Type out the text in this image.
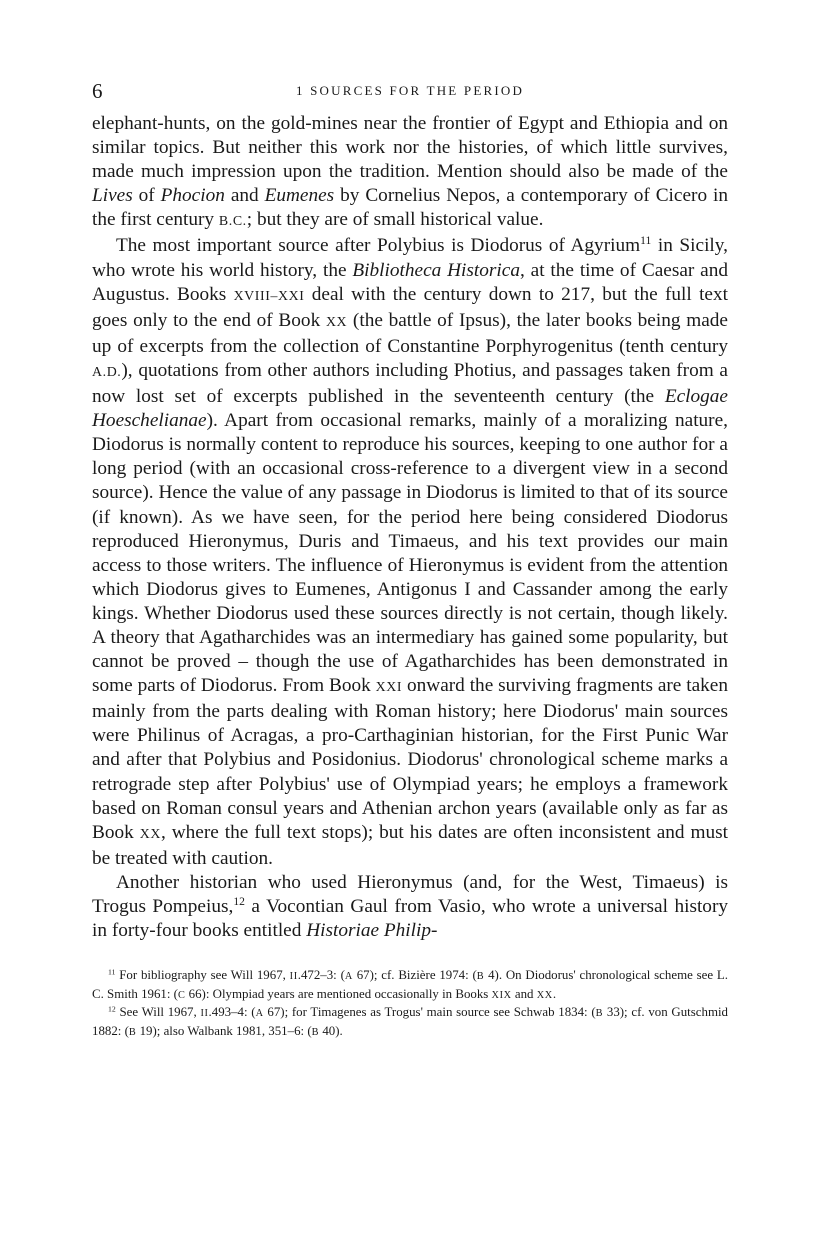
6	1 SOURCES FOR THE PERIOD

elephant-hunts, on the gold-mines near the frontier of Egypt and Ethiopia and on similar topics. But neither this work nor the histories, of which little survives, made much impression upon the tradition. Mention should also be made of the Lives of Phocion and Eumenes by Cornelius Nepos, a contemporary of Cicero in the first century B.C.; but they are of small historical value.

The most important source after Polybius is Diodorus of Agyrium$^{11}$ in Sicily, who wrote his world history, the Bibliotheca Historica, at the time of Caesar and Augustus. Books XVIII–XXI deal with the century down to 217, but the full text goes only to the end of Book XX (the battle of Ipsus), the later books being made up of excerpts from the collection of Constantine Porphyrogenitus (tenth century A.D.), quotations from other authors including Photius, and passages taken from a now lost set of excerpts published in the seventeenth century (the Eclogae Hoeschelianae). Apart from occasional remarks, mainly of a moralizing nature, Diodorus is normally content to reproduce his sources, keeping to one author for a long period (with an occasional cross-reference to a divergent view in a second source). Hence the value of any passage in Diodorus is limited to that of its source (if known). As we have seen, for the period here being considered Diodorus reproduced Hieronymus, Duris and Timaeus, and his text provides our main access to those writers. The influence of Hieronymus is evident from the attention which Diodorus gives to Eumenes, Antigonus I and Cassander among the early kings. Whether Diodorus used these sources directly is not certain, though likely. A theory that Agatharchides was an intermediary has gained some popularity, but cannot be proved – though the use of Agatharchides has been demonstrated in some parts of Diodorus. From Book XXI onward the surviving fragments are taken mainly from the parts dealing with Roman history; here Diodorus' main sources were Philinus of Acragas, a pro-Carthaginian historian, for the First Punic War and after that Polybius and Posidonius. Diodorus' chronological scheme marks a retrograde step after Polybius' use of Olympiad years; he employs a framework based on Roman consul years and Athenian archon years (available only as far as Book XX, where the full text stops); but his dates are often inconsistent and must be treated with caution.

Another historian who used Hieronymus (and, for the West, Timaeus) is Trogus Pompeius,$^{12}$ a Vocontian Gaul from Vasio, who wrote a universal history in forty-four books entitled Historiae Philip-

$^{11}$ For bibliography see Will 1967, II.472–3: (A 67); cf. Bizière 1974: (B 4). On Diodorus' chronological scheme see L. C. Smith 1961: (C 66): Olympiad years are mentioned occasionally in Books XIX and XX.

$^{12}$ See Will 1967, II.493–4: (A 67); for Timagenes as Trogus' main source see Schwab 1834: (B 33); cf. von Gutschmid 1882: (B 19); also Walbank 1981, 351–6: (B 40).
